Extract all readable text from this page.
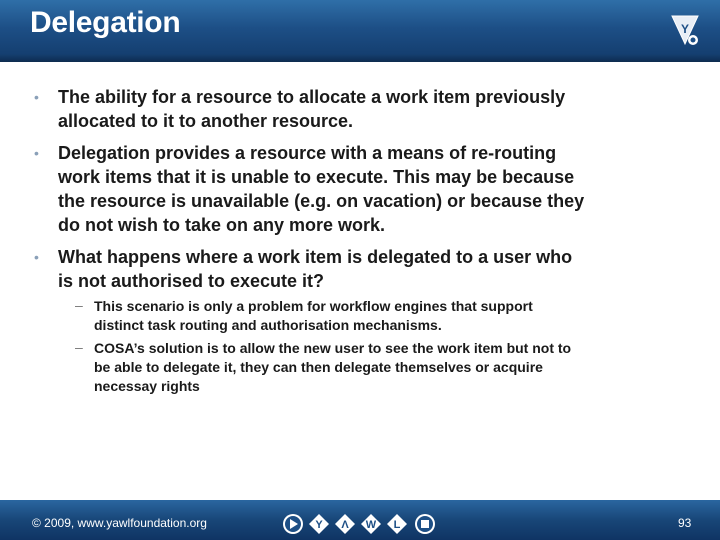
Delegation	Y
• The ability for a resource to allocate a work item previously
allocated to it to another resource.
• Delegation provides a resource with a means of re-routing
work items that it is unable to execute. This may be because
the resource is unavailable (e.g. on vacation) or because they
do not wish to take on any more work.
• What happens where a work item is delegated to a user who
is not authorised to execute it?
– This scenario is only a problem for workflow engines that support
distinct task routing and authorisation mechanisms.
– COSA’s solution is to allow the new user to see the work item but not to
be able to delegate it, they can then delegate themselves or acquire
necessay rights
© 2009, www.yawlfoundation.org	Y Λ W L	93
